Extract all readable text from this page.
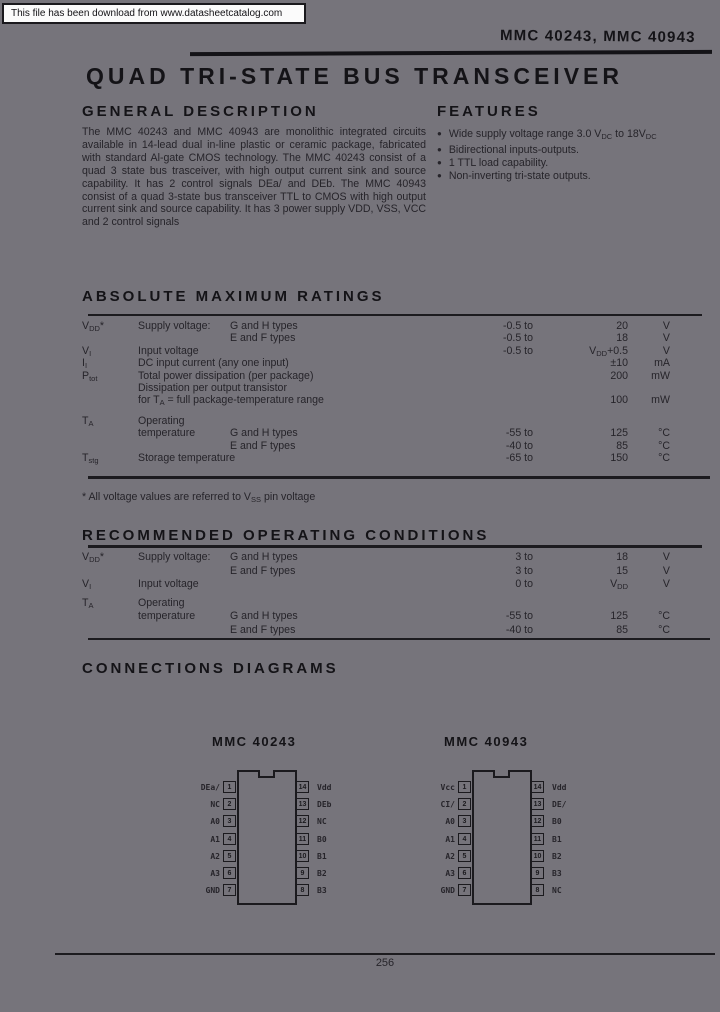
This file has been download from www.datasheetcatalog.com
MMC 40243, MMC 40943
QUAD TRI-STATE BUS TRANSCEIVER
GENERAL DESCRIPTION	FEATURES
The MMC 40243 and MMC 40943 are monolithic integrated circuits available in 14-lead dual in-line plastic or ceramic package, fabricated with standard Al-gate CMOS technology. The MMC 40243 consist of a quad 3 state bus trasceiver, with high output current sink and source capability. It has 2 control signals DEa/ and DEb. The MMC 40943 consist of a quad 3-state bus transceiver TTL to CMOS with high output current sink and source capability. It has 3 power supply VDD, VSS, VCC and 2 control signals
● Wide supply voltage range 3.0 $V_{DC}$ to $18V_{DC}$
● Bidirectional inputs-outputs.
● 1 TTL load capability.
● Non-inverting tri-state outputs.
ABSOLUTE MAXIMUM RATINGS
$V_{DD}*$	Supply voltage:	G and H types	-0.5 to	20	V
E and F types	-0.5 to	18	V
$V_I$	Input voltage	-0.5 to	$V_{DD}+0.5$	V
$I_I$	DC input current (any one input)	±10	mA
$P_{tot}$	Total power dissipation (per package)	200	mW
Dissipation per output transistor
for $T_A$ = full package-temperature range	100	mW
$T_A$	Operating
temperature	G and H types	-55 to	125	°C
E and F types	-40 to	85	°C
$T_{stg}$	Storage temperature	-65 to	150	°C
* All voltage values are referred to $V_{SS}$ pin voltage
RECOMMENDED OPERATING CONDITIONS
$V_{DD}*$	Supply voltage:	G and H types	3 to	18	V
E and F types	3 to	15	V
$V_I$	Input voltage	0 to	$V_{DD}$	V
$T_A$	Operating
temperature	G and H types	-55 to	125	°C
E and F types	-40 to	85	°C
CONNECTIONS DIAGRAMS
MMC 40243	MMC 40943
DEa/
NC
A0
A1
A2
A3
GND
1
2
3
4
5
6
7
14
13
12
11
10
9
8
Vdd
DEb
NC
B0
B1
B2
B3
Vcc
CI/
A0
A1
A2
A3
GND
1
2
3
4
5
6
7
14
13
12
11
10
9
8
Vdd
DE/
B0
B1
B2
B3
NC
256
